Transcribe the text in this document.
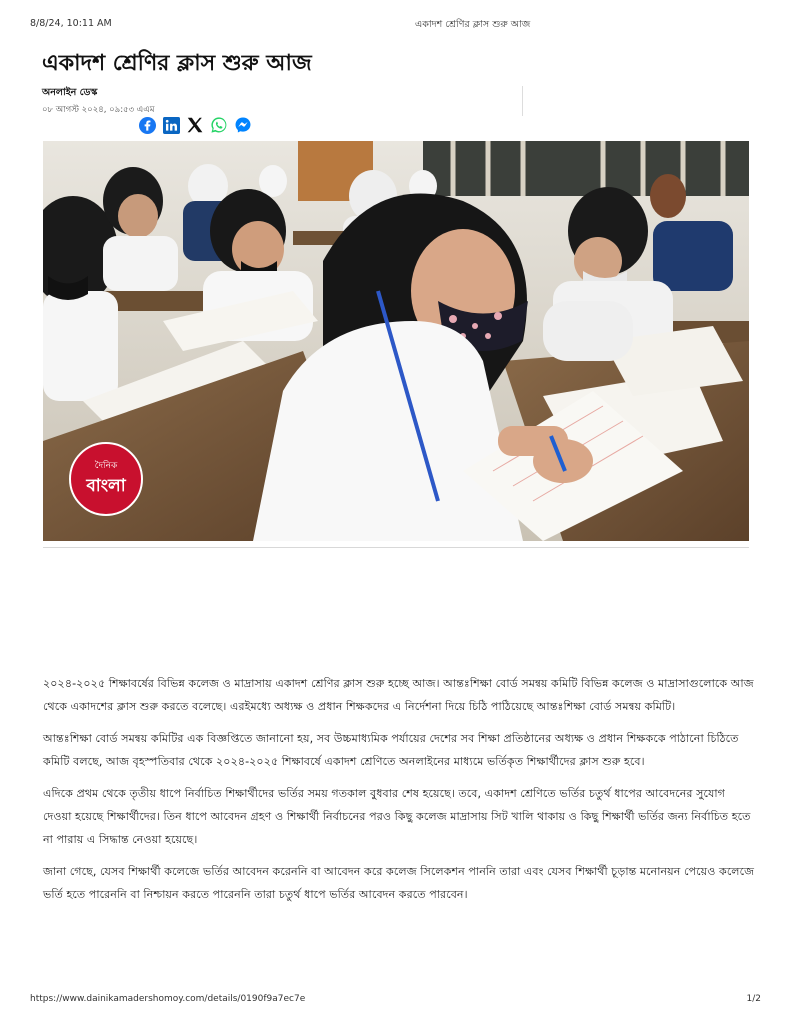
8/8/24, 10:11 AM	একাদশ শ্রেণির ক্লাস শুরু আজ
একাদশ শ্রেণির ক্লাস শুরু আজ
অনলাইন ডেস্ক
০৮ আগস্ট ২০২৪, ০৯:৫৩ এএম
দৈনিক
বাংলা

২০২৪-২০২৫ শিক্ষাবর্ষের বিভিন্ন কলেজ ও মাদ্রাসায় একাদশ শ্রেণির ক্লাস শুরু হচ্ছে আজ। আন্তঃশিক্ষা বোর্ড সমন্বয় কমিটি বিভিন্ন কলেজ ও মাদ্রাসাগুলোকে আজ থেকে একাদশের ক্লাস শুরু করতে বলেছে। এরইমধ্যে অধ্যক্ষ ও প্রধান শিক্ষকদের এ নির্দেশনা দিয়ে চিঠি পাঠিয়েছে আন্তঃশিক্ষা বোর্ড সমন্বয় কমিটি।

আন্তঃশিক্ষা বোর্ড সমন্বয় কমিটির এক বিজ্ঞপ্তিতে জানানো হয়, সব উচ্চমাধ্যমিক পর্যায়ের দেশের সব শিক্ষা প্রতিষ্ঠানের অধ্যক্ষ ও প্রধান শিক্ষককে পাঠানো চিঠিতে কমিটি বলছে, আজ বৃহস্পতিবার থেকে ২০২৪-২০২৫ শিক্ষাবর্ষে একাদশ শ্রেণিতে অনলাইনের মাধ্যমে ভর্তিকৃত শিক্ষার্থীদের ক্লাস শুরু হবে।

এদিকে প্রথম থেকে তৃতীয় ধাপে নির্বাচিত শিক্ষার্থীদের ভর্তির সময় গতকাল বুধবার শেষ হয়েছে। তবে, একাদশ শ্রেণিতে ভর্তির চতুর্থ ধাপের আবেদনের সুযোগ দেওয়া হয়েছে শিক্ষার্থীদের। তিন ধাপে আবেদন গ্রহণ ও শিক্ষার্থী নির্বাচনের পরও কিছু কলেজ মাদ্রাসায় সিট খালি থাকায় ও কিছু শিক্ষার্থী ভর্তির জন্য নির্বাচিত হতে না পারায় এ সিদ্ধান্ত নেওয়া হয়েছে।

জানা গেছে, যেসব শিক্ষার্থী কলেজে ভর্তির আবেদন করেননি বা আবেদন করে কলেজ সিলেকশন পাননি তারা এবং যেসব শিক্ষার্থী চূড়ান্ত মনোনয়ন পেয়েও কলেজে ভর্তি হতে পারেননি বা নিশ্চায়ন করতে পারেননি তারা চতুর্থ ধাপে ভর্তির আবেদন করতে পারবেন।

https://www.dainikamadershomoy.com/details/0190f9a7ec7e	1/2
